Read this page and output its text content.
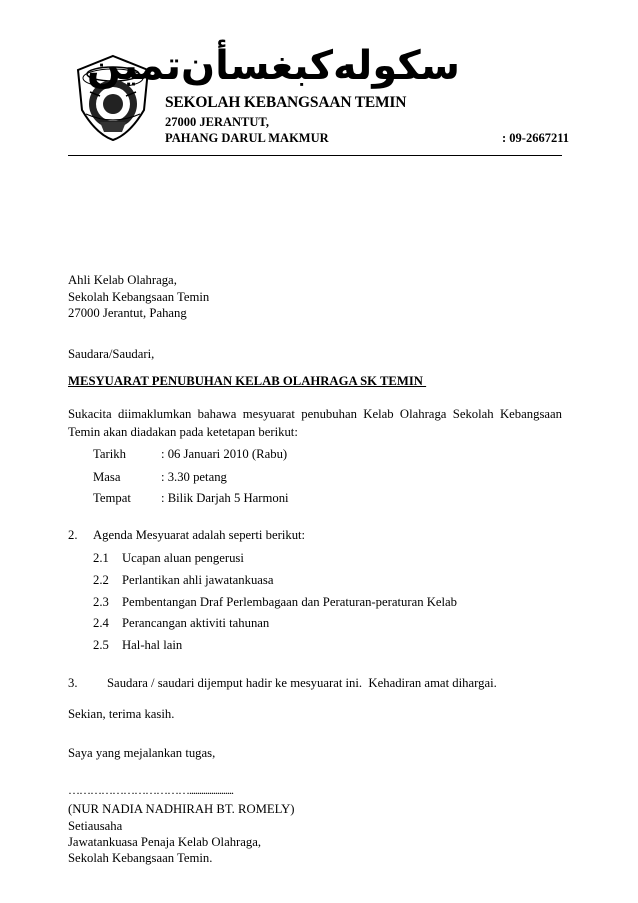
سکوله‌کبغسأن‌تمين
SEKOLAH KEBANGSAAN TEMIN
27000 JERANTUT,
PAHANG DARUL MAKMUR	: 09-2667211
Ahli Kelab Olahraga,
Sekolah Kebangsaan Temin
27000 Jerantut, Pahang
Saudara/Saudari,
MESYUARAT PENUBUHAN KELAB OLAHRAGA SK TEMIN
Sukacita diimaklumkan bahawa mesyuarat penubuhan Kelab Olahraga Sekolah Kebangsaan Temin akan diadakan pada ketetapan berikut:
Tarikh	: 06 Januari 2010 (Rabu)
Masa	: 3.30 petang
Tempat : Bilik Darjah 5 Harmoni
2. Agenda Mesyuarat adalah seperti berikut:
2.1 Ucapan aluan pengerusi
2.2 Perlantikan ahli jawatankuasa
2.3 Pembentangan Draf Perlembagaan dan Peraturan-peraturan Kelab
2.4 Perancangan aktiviti tahunan
2.5 Hal-hal lain
3. Saudara / saudari dijemput hadir ke mesyuarat ini.  Kehadiran amat dihargai.
Sekian, terima kasih.
Saya yang mejalankan tugas,
……………………………......................
(NUR NADIA NADHIRAH BT. ROMELY)
Setiausaha
Jawatankuasa Penaja Kelab Olahraga,
Sekolah Kebangsaan Temin.
